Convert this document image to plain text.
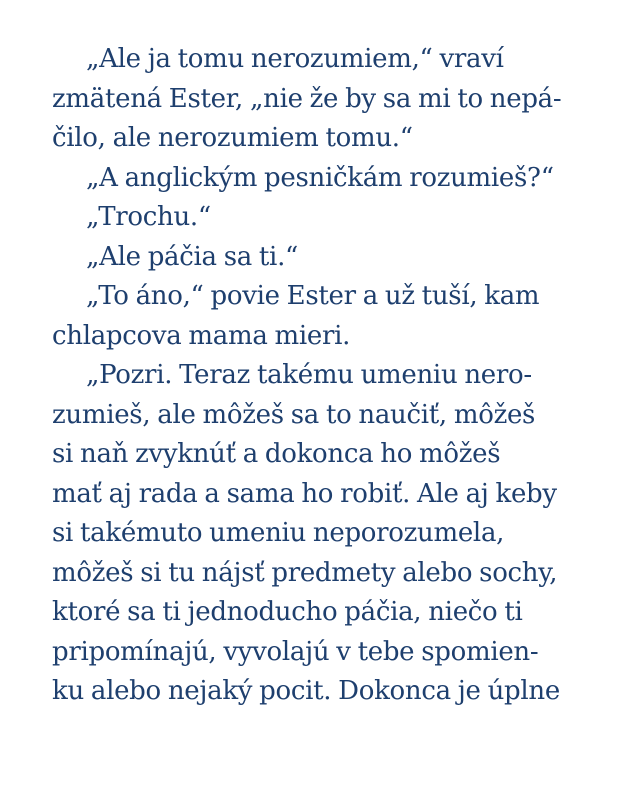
„Ale ja tomu nerozumiem,“ vraví
zmätená Ester, „nie že by sa mi to nepá-
čilo, ale nerozumiem tomu.“
„A anglickým pesničkám rozumieš?“
„Trochu.“
„Ale páčia sa ti.“
„To áno,“ povie Ester a už tuší, kam
chlapcova mama mieri.
„Pozri. Teraz takému umeniu nero-
zumieš, ale môžeš sa to naučiť, môžeš
si naň zvyknúť a dokonca ho môžeš
mať aj rada a sama ho robiť. Ale aj keby
si takémuto umeniu neporozumela,
môžeš si tu nájsť predmety alebo sochy,
ktoré sa ti jednoducho páčia, niečo ti
pripomínajú, vyvolajú v tebe spomien-
ku alebo nejaký pocit. Dokonca je úplne
